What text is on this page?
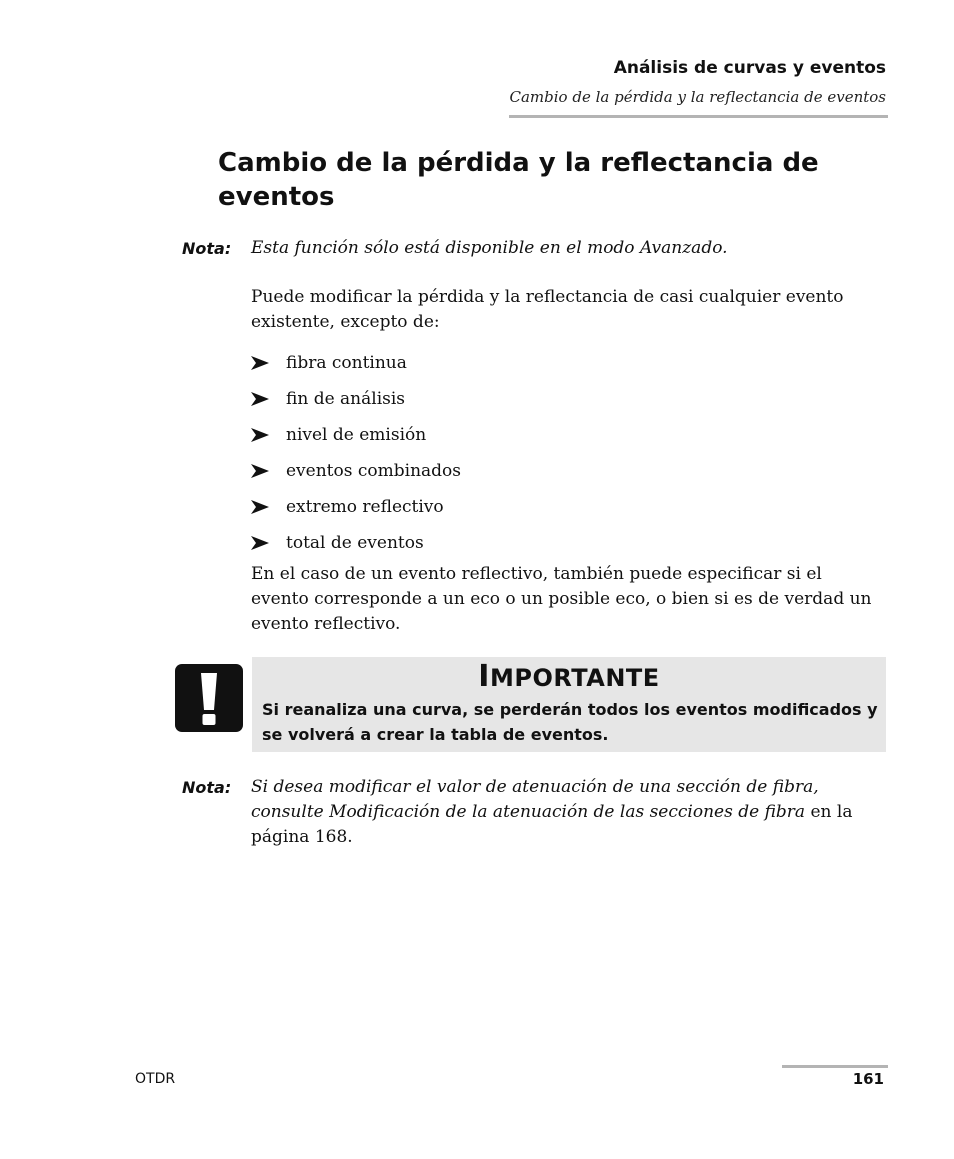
Análisis de curvas y eventos
Cambio de la pérdida y la reflectancia de eventos
Cambio de la pérdida y la reflectancia de eventos
Nota: Esta función sólo está disponible en el modo Avanzado.

Puede modificar la pérdida y la reflectancia de casi cualquier evento existente, excepto de:

fibra continua
fin de análisis
nivel de emisión
eventos combinados
extremo reflectivo
total de eventos

En el caso de un evento reflectivo, también puede especificar si el evento corresponde a un eco o un posible eco, o bien si es de verdad un evento reflectivo.

IMPORTANTE
Si reanaliza una curva, se perderán todos los eventos modificados y se volverá a crear la tabla de eventos.
Nota: Si desea modificar el valor de atenuación de una sección de fibra, consulte Modificación de la atenuación de las secciones de fibra en la página 168.
OTDR	161
